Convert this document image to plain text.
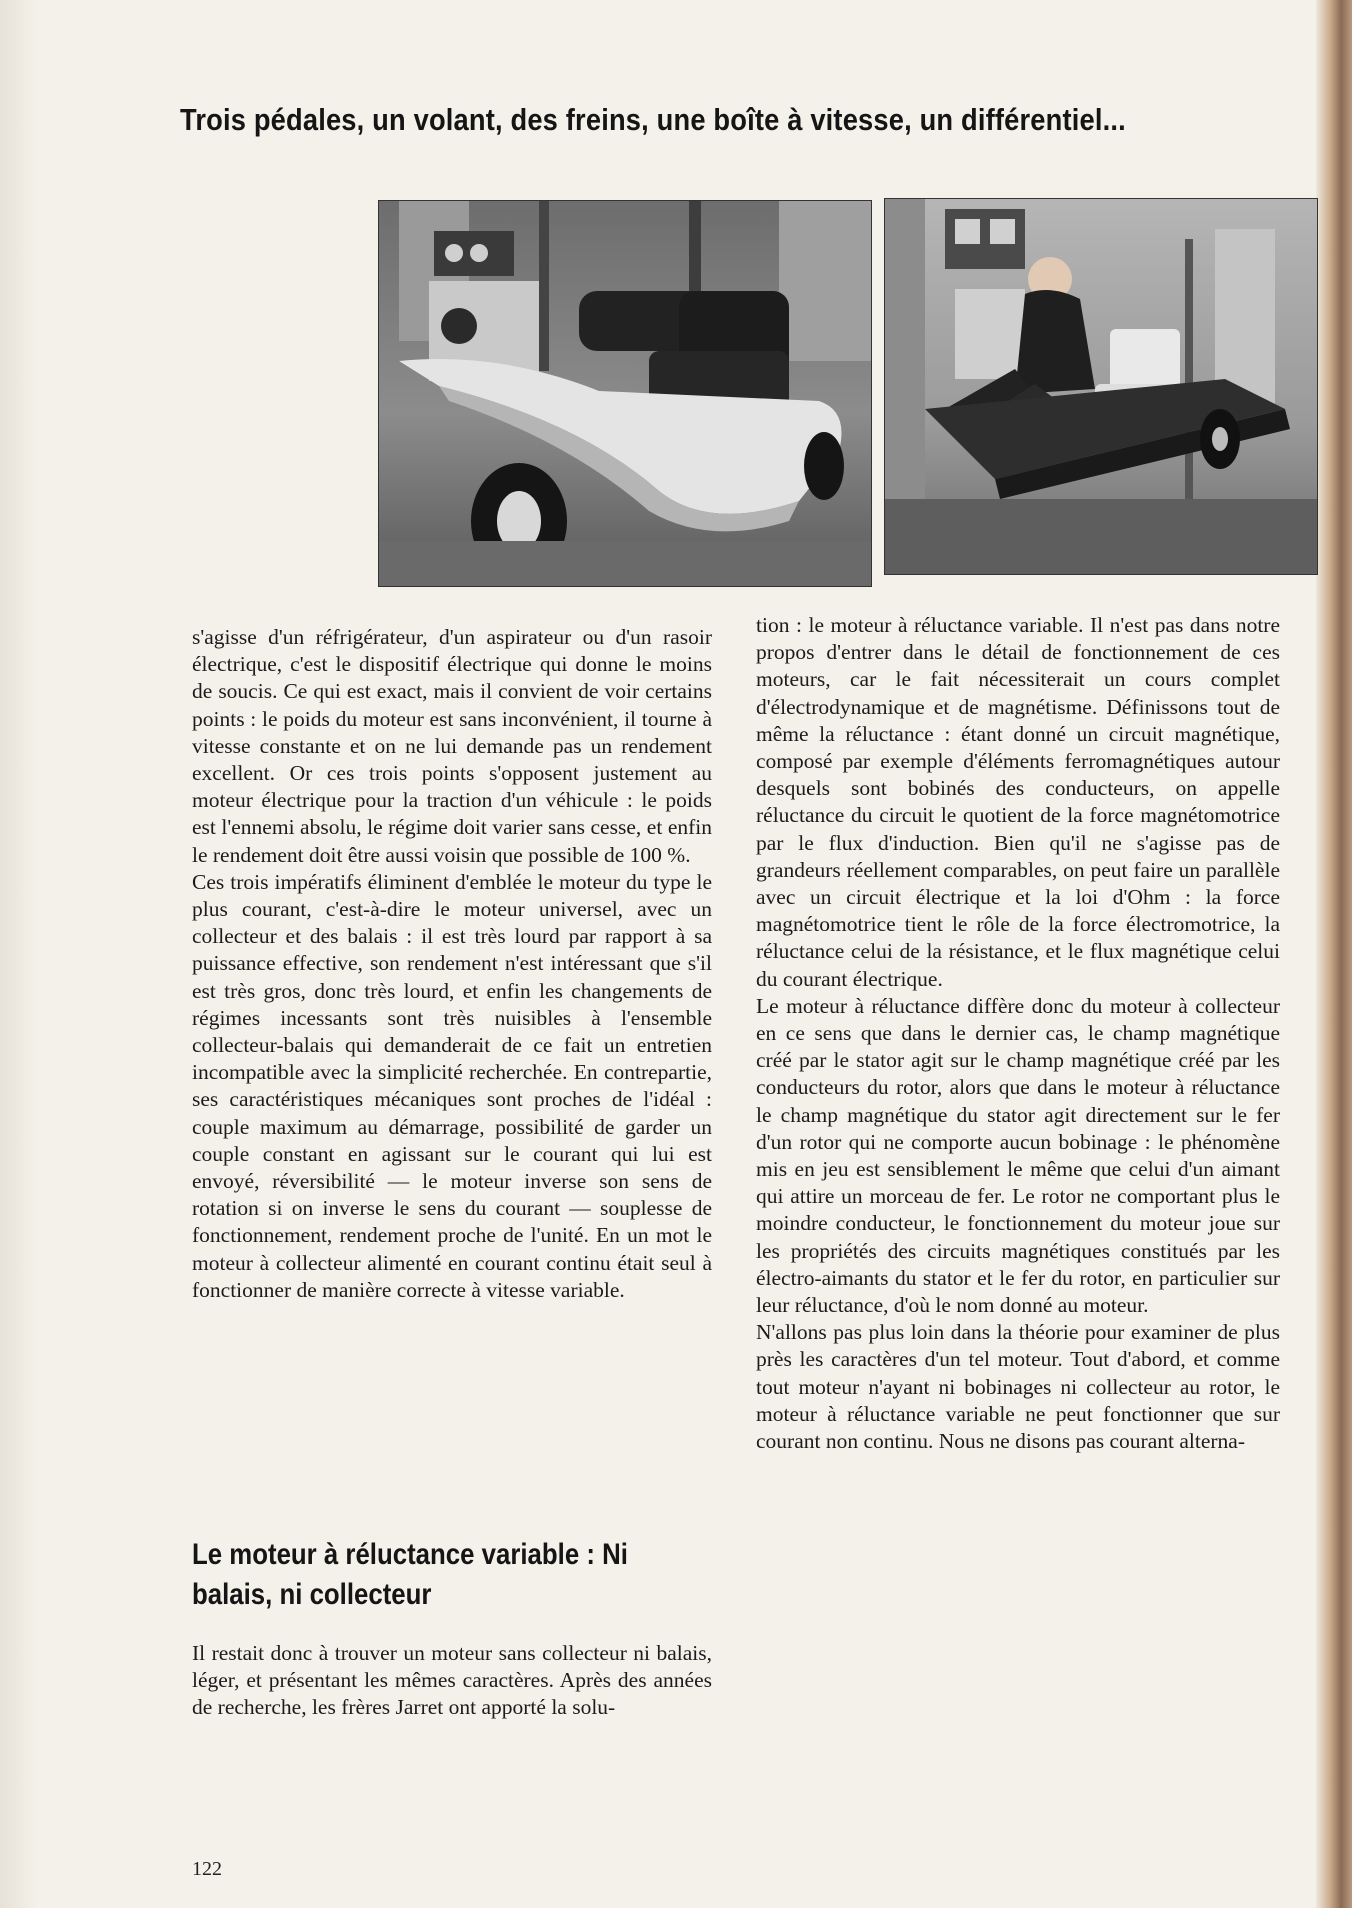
Trois pédales, un volant, des freins, une boîte à vitesse, un différentiel...

s'agisse d'un réfrigérateur, d'un aspirateur ou d'un rasoir électrique, c'est le dispositif électrique qui donne le moins de soucis. Ce qui est exact, mais il convient de voir certains points : le poids du moteur est sans inconvénient, il tourne à vitesse constante et on ne lui demande pas un rendement excellent. Or ces trois points s'opposent justement au moteur électrique pour la traction d'un véhicule : le poids est l'ennemi absolu, le régime doit varier sans cesse, et enfin le rendement doit être aussi voisin que possible de 100 %.

Ces trois impératifs éliminent d'emblée le moteur du type le plus courant, c'est-à-dire le moteur universel, avec un collecteur et des balais : il est très lourd par rapport à sa puissance effective, son rendement n'est intéressant que s'il est très gros, donc très lourd, et enfin les changements de régimes incessants sont très nuisibles à l'ensemble collecteur-balais qui demanderait de ce fait un entretien incompatible avec la simplicité recherchée. En contrepartie, ses caractéristiques mécaniques sont proches de l'idéal : couple maximum au démarrage, possibilité de garder un couple constant en agissant sur le courant qui lui est envoyé, réversibilité — le moteur inverse son sens de rotation si on inverse le sens du courant — souplesse de fonctionnement, rendement proche de l'unité. En un mot le moteur à collecteur alimenté en courant continu était seul à fonctionner de manière correcte à vitesse variable.

Le moteur à réluctance variable : Ni balais, ni collecteur

Il restait donc à trouver un moteur sans collecteur ni balais, léger, et présentant les mêmes caractères. Après des années de recherche, les frères Jarret ont apporté la solu-

tion : le moteur à réluctance variable. Il n'est pas dans notre propos d'entrer dans le détail de fonctionnement de ces moteurs, car le fait nécessiterait un cours complet d'électrodynamique et de magnétisme. Définissons tout de même la réluctance : étant donné un circuit magnétique, composé par exemple d'éléments ferromagnétiques autour desquels sont bobinés des conducteurs, on appelle réluctance du circuit le quotient de la force magnétomotrice par le flux d'induction. Bien qu'il ne s'agisse pas de grandeurs réellement comparables, on peut faire un parallèle avec un circuit électrique et la loi d'Ohm : la force magnétomotrice tient le rôle de la force électromotrice, la réluctance celui de la résistance, et le flux magnétique celui du courant électrique.

Le moteur à réluctance diffère donc du moteur à collecteur en ce sens que dans le dernier cas, le champ magnétique créé par le stator agit sur le champ magnétique créé par les conducteurs du rotor, alors que dans le moteur à réluctance le champ magnétique du stator agit directement sur le fer d'un rotor qui ne comporte aucun bobinage : le phénomène mis en jeu est sensiblement le même que celui d'un aimant qui attire un morceau de fer. Le rotor ne comportant plus le moindre conducteur, le fonctionnement du moteur joue sur les propriétés des circuits magnétiques constitués par les électro-aimants du stator et le fer du rotor, en particulier sur leur réluctance, d'où le nom donné au moteur.

N'allons pas plus loin dans la théorie pour examiner de plus près les caractères d'un tel moteur. Tout d'abord, et comme tout moteur n'ayant ni bobinages ni collecteur au rotor, le moteur à réluctance variable ne peut fonctionner que sur courant non continu. Nous ne disons pas courant alterna-

122
